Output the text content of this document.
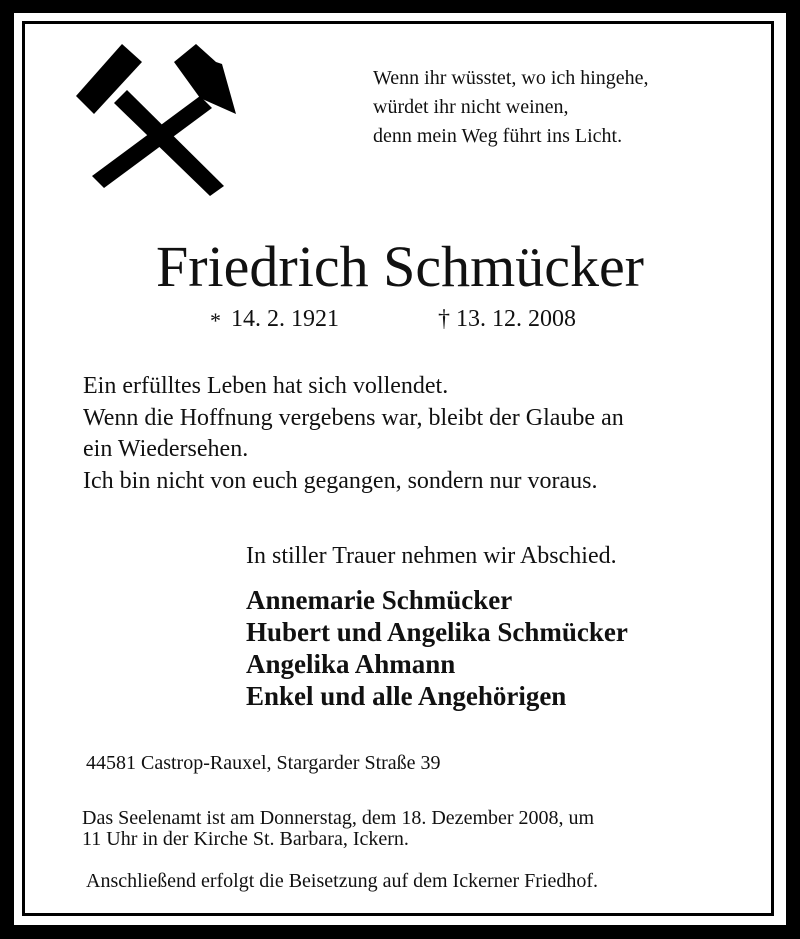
Wenn ihr wüsstet, wo ich hingehe,
würdet ihr nicht weinen,
denn mein Weg führt ins Licht.
Friedrich Schmücker
* 14. 2. 1921	† 13. 12. 2008
Ein erfülltes Leben hat sich vollendet.
Wenn die Hoffnung vergebens war, bleibt der Glaube an
ein Wiedersehen.
Ich bin nicht von euch gegangen, sondern nur voraus.
In stiller Trauer nehmen wir Abschied.
Annemarie Schmücker
Hubert und Angelika Schmücker
Angelika Ahmann
Enkel und alle Angehörigen
44581 Castrop-Rauxel, Stargarder Straße 39
Das Seelenamt ist am Donnerstag, dem 18. Dezember 2008, um
11 Uhr in der Kirche St. Barbara, Ickern.
Anschließend erfolgt die Beisetzung auf dem Ickerner Friedhof.
